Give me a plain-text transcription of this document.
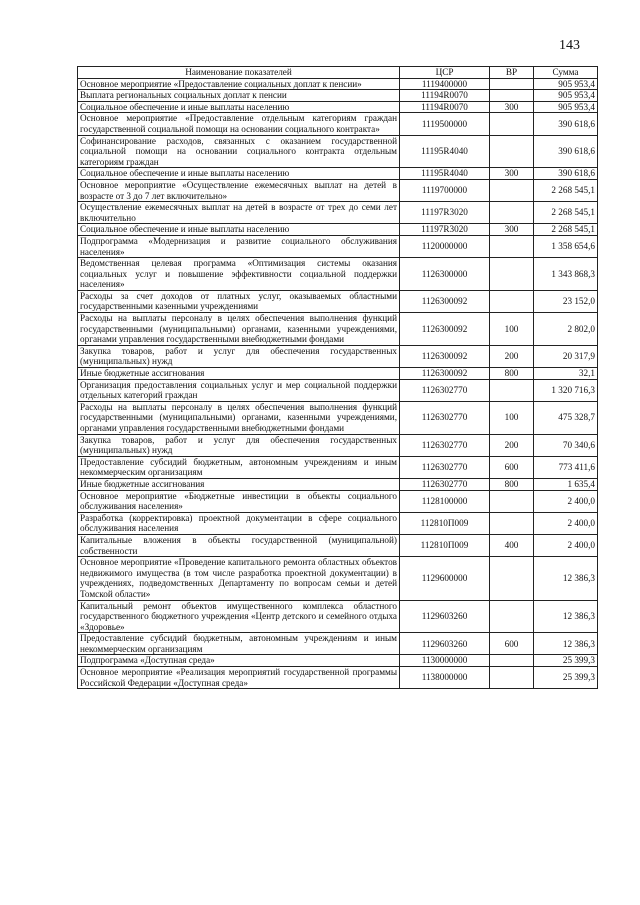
143
Наименование показателей	ЦСР	ВР	Сумма
Основное мероприятие «Предоставление социальных доплат к пенсии»	1119400000		905 953,4
Выплата региональных социальных доплат к пенсии	11194R0070		905 953,4
Социальное обеспечение и иные выплаты населению	11194R0070	300	905 953,4
Основное мероприятие «Предоставление отдельным категориям граждан государственной социальной помощи на основании социального контракта»	1119500000		390 618,6
Софинансирование расходов, связанных с оказанием государственной социальной помощи на основании социального контракта отдельным категориям граждан	11195R4040		390 618,6
Социальное обеспечение и иные выплаты населению	11195R4040	300	390 618,6
Основное мероприятие «Осуществление ежемесячных выплат на детей в возрасте от 3 до 7 лет включительно»	1119700000		2 268 545,1
Осуществление ежемесячных выплат на детей в возрасте от трех до семи лет включительно	11197R3020		2 268 545,1
Социальное обеспечение и иные выплаты населению	11197R3020	300	2 268 545,1
Подпрограмма «Модернизация и развитие социального обслуживания населения»	1120000000		1 358 654,6
Ведомственная целевая программа «Оптимизация системы оказания социальных услуг и повышение эффективности социальной поддержки населения»	1126300000		1 343 868,3
Расходы за счет доходов от платных услуг, оказываемых областными государственными казенными учреждениями	1126300092		23 152,0
Расходы на выплаты персоналу в целях обеспечения выполнения функций государственными (муниципальными) органами, казенными учреждениями, органами управления государственными внебюджетными фондами	1126300092	100	2 802,0
Закупка товаров, работ и услуг для обеспечения государственных (муниципальных) нужд	1126300092	200	20 317,9
Иные бюджетные ассигнования	1126300092	800	32,1
Организация предоставления социальных услуг и мер социальной поддержки отдельных категорий граждан	1126302770		1 320 716,3
Расходы на выплаты персоналу в целях обеспечения выполнения функций государственными (муниципальными) органами, казенными учреждениями, органами управления государственными внебюджетными фондами	1126302770	100	475 328,7
Закупка товаров, работ и услуг для обеспечения государственных (муниципальных) нужд	1126302770	200	70 340,6
Предоставление субсидий бюджетным, автономным учреждениям и иным некоммерческим организациям	1126302770	600	773 411,6
Иные бюджетные ассигнования	1126302770	800	1 635,4
Основное мероприятие «Бюджетные инвестиции в объекты социального обслуживания населения»	1128100000		2 400,0
Разработка (корректировка) проектной документации в сфере социального обслуживания населения	112810П009		2 400,0
Капитальные вложения в объекты государственной (муниципальной) собственности	112810П009	400	2 400,0
Основное мероприятие «Проведение капитального ремонта областных объектов недвижимого имущества (в том числе разработка проектной документации) в учреждениях, подведомственных Департаменту по вопросам семьи и детей Томской области»	1129600000		12 386,3
Капитальный ремонт объектов имущественного комплекса областного государственного бюджетного учреждения «Центр детского и семейного отдыха «Здоровье»	1129603260		12 386,3
Предоставление субсидий бюджетным, автономным учреждениям и иным некоммерческим организациям	1129603260	600	12 386,3
Подпрограмма «Доступная среда»	1130000000		25 399,3
Основное мероприятие «Реализация мероприятий государственной программы Российской Федерации «Доступная среда»	1138000000		25 399,3
